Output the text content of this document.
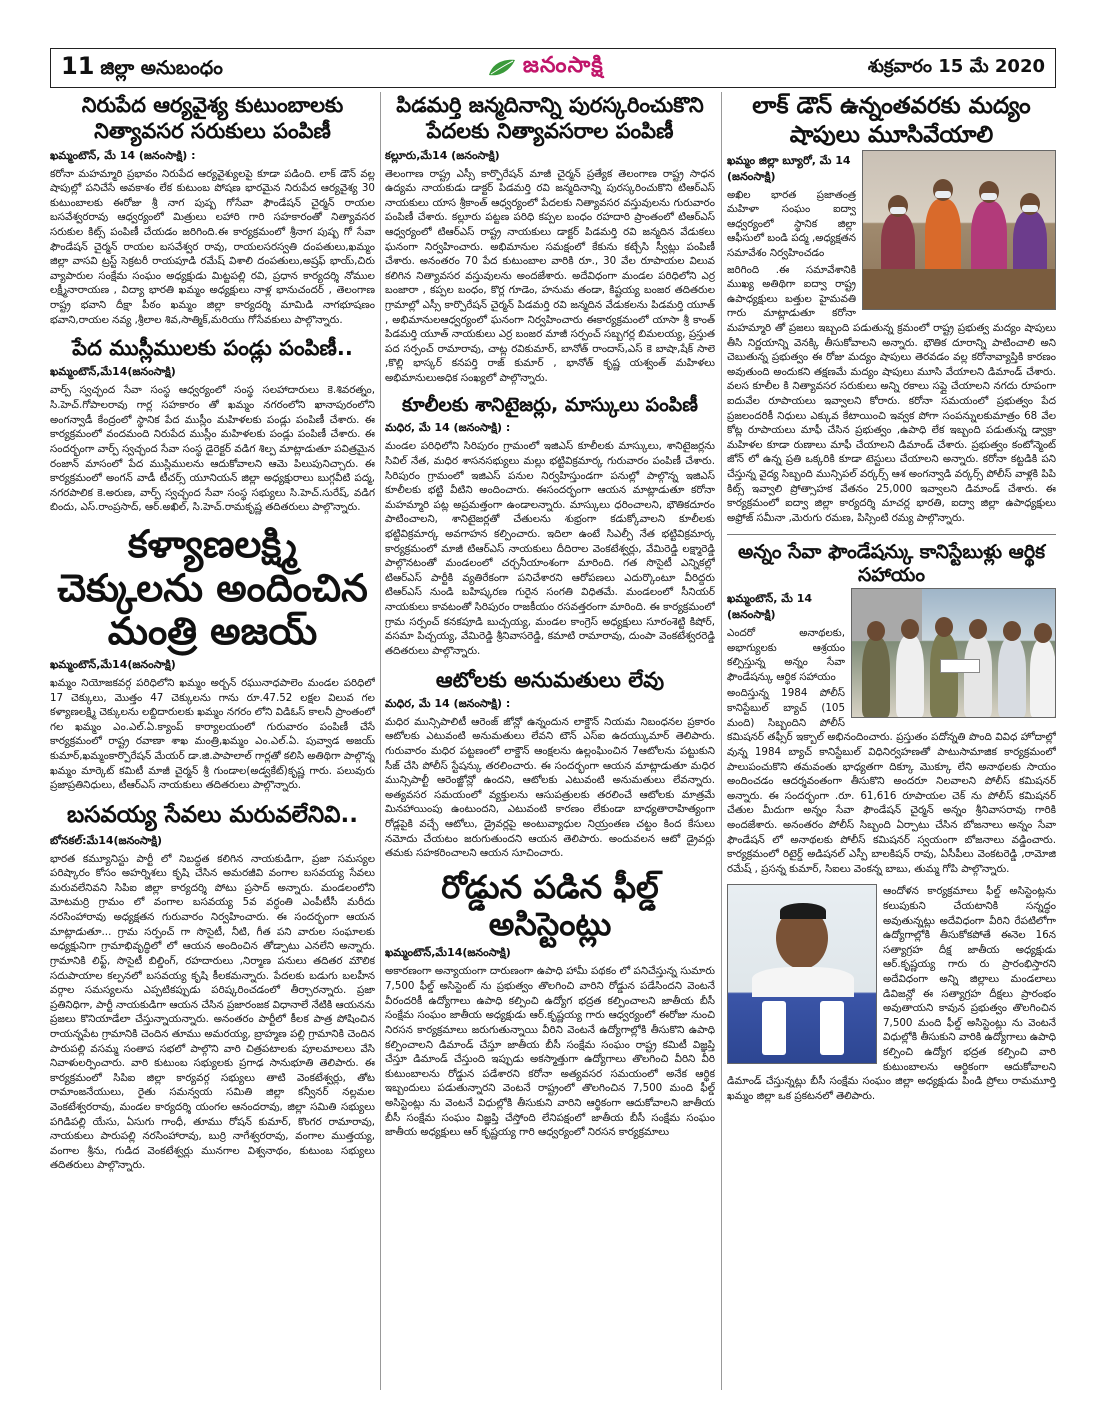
11 జిల్లా అనుబంధం	జనంసాక్షి	శుక్రవారం 15 మే 2020
నిరుపేద ఆర్యవైశ్య కుటుంబాలకు నిత్యావసర సరుకులు పంపిణీ
ఖమ్మంటౌన్, మే 14 (జనంసాక్షి) :
కరోనా మహమ్మారి ప్రభావం నిరుపేద ఆర్యవైశ్యులపై కూడా పడింది. లాక్ డౌన్ వల్ల షాపుల్లో పనిచేసే అవకాశం లేక కుటుంబ పోషణ భారమైన నిరుపేద ఆర్యవైశ్య 30 కుటుంబాలకు ఈరోజు శ్రీ నాగ పుష్ప గోసేవా ఫౌండేషన్ చైర్మన్ రాయల బసవేశ్వరరావు ఆధ్వర్యంలో మిత్రులు లహారి గారి సహకారంతో నిత్యావసర సరుకుల కిట్స్ పంపిణీ చేయడం జరిగింది.ఈ కార్యక్రమంలో శ్రీనాగ పుష్ప గో సేవా ఫౌండేషన్ చైర్మన్ రాయల బసవేశ్వర రావు, రాయలసరస్వతి దంపతులు,ఖమ్మం జిల్లా వాసవి ట్రస్ట్ సెక్రటరీ రాయపూడి రమేష్ విశాలి దంపతులు,అష్రఫ్ భాయ్,చిరు వ్యాపారుల సంక్షేమ సంఘం అధ్యక్షుడు మిట్టపల్లి రవి, ప్రధాన కార్యదర్శి నోముల లక్ష్మీనారాయణ , విద్యా భారతి ఖమ్మం అధ్యక్షులు నాళ్ల భానుచందర్ , తెలంగాణ రాష్ట్ర భవాని దీక్షా పీఠం ఖమ్మం జిల్లా కార్యదర్శి మామిడి నాగభూషణం భవాని,రాయల నవ్య ,శ్రీలాల శివ,సాత్మిక్,మరియు గోసేవకులు పాల్గొన్నారు.
పేద ముస్లీములకు పండ్లు పంపిణీ..
ఖమ్మంటౌన్,మే14(జనంసాక్షి)
వార్ప్ స్వచ్ఛంద సేవా సంస్థ ఆధ్వర్యంలో సంస్థ సలహాదారులు కె.శివరత్నం, సి.హెచ్.గోపాలరావు గార్ల సహకారం తో ఖమ్మం నగరంలోని ఖానాపురంలోని అంగన్వాడీ కేంద్రంలో స్థానిక పేద ముస్లీం మహిళలకు పండ్లు పంపిణీ చేశారు. ఈ కార్యక్రమంలో వందమంది నిరుపేద ముస్లీం మహిళలకు పండ్లు పంపిణీ చేశారు. ఈ సందర్భంగా వార్ప్ స్వచ్ఛంద సేవా సంస్థ డైరెక్టర్ వడిగ శిల్ప మాట్లాడుతూ పవిత్రమైన రంజాన్ మాసంలో పేద ముస్లిములను ఆదుకోవాలని ఆమె పిలుపునిచ్చారు. ఈ కార్యక్రమంలో అంగన్ వాడీ టీచర్స్ యూనియన్ జిల్లా అధ్యక్షురాలు బుగ్గవీటి పద్మ, నగరపాలిక కె.అరుణ, వార్ప్ స్వచ్ఛంద సేవా సంస్థ సభ్యులు సి.హెచ్.సురేష్, వడిగ బిందు, ఎస్.రాంప్రసాద్, ఆర్.అఖిల్, సి.హెచ్.రామకృష్ణ తదితరులు పాల్గొన్నారు.
కళ్యాణలక్ష్మి చెక్కులను అందించిన మంత్రి అజయ్
ఖమ్మంటౌన్,మే14(జనంసాక్షి)
ఖమ్మం నియోజకవర్గ పరిధిలోని ఖమ్మం అర్బన్ రఘునాధపాలెం మండల పరిధిలో 17 చెక్కులు, మొత్తం 47 చెక్కులను గాను రూ.47.52 లక్షల విలువ గల కళ్యాణలక్ష్మి చెక్కులను లబ్దిదారులకు ఖమ్మం నగరం లోని విడిఓస్ కాలనీ ప్రాంతంలో గల ఖమ్మం ఎం.ఎల్.ఏ.క్యాంప్ కార్యాలయంలో గురువారం పంపిణీ చేసే కార్యక్రమంలో రాష్ట్ర రవాణా శాఖ మంత్రి,ఖమ్మం ఎం.ఎల్.ఏ. పువ్వాడ అజయ్ కుమార్,ఖమ్మంకార్పొరేషన్ మేయర్ డా.జి.పాపాలాల్ గార్లతో కలిసి అతిథిగా పాల్గొన్న ఖమ్మం మార్కెట్ కమిటీ మాజీ చైర్మన్ శ్రీ గుండాల(అడ్వకేట్)కృష్ణ గారు. పలువురు ప్రజాప్రతినిధులు, టీఆర్ఎస్ నాయకులు తదితరులు పాల్గొన్నారు.
బసవయ్య సేవలు మరువలేనివి..
బోనకల్:మే14(జనంసాక్షి)
భారత కమ్యూనిస్టు పార్టీ లో నిబద్ధత కలిగిన నాయకుడిగా, ప్రజా సమస్యల పరిష్కారం కోసం అహర్నిశలు కృషి చేసిన అమరజీవి వంగాల బసవయ్య సేవలు మరువలేనివని సిపిఐ జిల్లా కార్యదర్శి పోటు ప్రసాద్ అన్నారు. మండలంలోని మోటమర్రి గ్రామం లో వంగాల బసవయ్య 5వ వర్ధంతి ఎంపీటీసీ మరీదు నరసింహారావు అధ్యక్షతన గురువారం నిర్వహించారు. ఈ సందర్భంగా ఆయన మాట్లాడుతూ... గ్రామ సర్పంచ్ గా సొసైటీ, నీటి, గీత పని వారుల సంఘాలకు అధ్యక్షునిగా గ్రామాభివృద్ధిలో లో ఆయన అందించిన తోడ్పాటు ఎనలేని అన్నారు. గ్రామానికి లిఫ్ట్, సొసైటీ బిల్డింగ్, రహదారులు ,నిర్మాణ పనులు తదితర మౌలిక సదుపాయాల కల్పనలో బసవయ్య కృషి కీలకమన్నారు. పేదలకు బడుగు బలహీన వర్గాల సమస్యలను ఎప్పటికప్పుడు పరిష్కరించడంలో తీర్చారన్నారు. ప్రజా ప్రతినిధిగా, పార్టీ నాయకుడిగా ఆయన చేసిన ప్రజారంజక విధానాలే నేటికి ఆయనను ప్రజలు కొనియాడేలా చేస్తున్నాయన్నారు. అనంతరం పార్టీలో కీలక పాత్ర పోషించిన రాయన్నపేట గ్రామానికి చెందిన తూము అమరయ్య, బ్రాహ్మణ పల్లి గ్రామానికి చెందిన పారుపల్లి వసమ్మ సంతాప సభలో పాల్గొని వారి చిత్రపటాలకు పూలమాలలు వేసి నివాళులర్పించారు. వారి కుటుంబ సభ్యులకు ప్రగాఢ సానుభూతి తెలిపారు. ఈ కార్యక్రమంలో సిపిఐ జిల్లా కార్యవర్గ సభ్యులు తాటి వెంకటేశ్వర్లు, తోట రామాంజనేయులు, రైతు సమన్వయ సమితి జిల్లా కన్వీనర్ నల్లమల వెంకటేశ్వరరావు, మండల కార్యదర్శి యంగల ఆనందరావు, జిల్లా సమితి సభ్యులు పగిడిపల్లి యేసు, ఏసుగు గాంధీ, తూము రోషన్ కుమార్, కొంగర రామారావు, నాయకులు పారుపల్లి నరసింహారావు, బుర్రి నాగేశ్వరరావు, వంగాల ముత్తయ్య, వంగాల శ్రీను, గుడిద వెంకటేశ్వర్లు మునగాల విశ్వనాథం, కుటుంబ సభ్యులు తదితరులు పాల్గొన్నారు.
పిడమర్తి జన్మదినాన్ని పురస్కరించుకొని పేదలకు నిత్యావసరాల పంపిణీ
కల్లూరు,మే14 (జనంసాక్షి)
తెలంగాణ రాష్ట్ర ఎస్సీ కార్పొరేషన్ మాజీ చైర్మన్ ప్రత్యేక తెలంగాణ రాష్ట్ర సాధన ఉద్యమ నాయకుడు డాక్టర్ పిడమర్తి రవి జన్మదినాన్ని పురస్కరించుకొని టిఆర్ఎస్ నాయకులు యాస శ్రీకాంత్ ఆధ్వర్యంలో పేదలకు నిత్యావసర వస్తువులను గురువారం పంపిణీ చేశారు. కల్లూరు పట్టణ పరిధి కప్పల బంధం రహదారి ప్రాంతంలో టిఆర్ఎస్ ఆధ్వర్యంలో టిఆర్ఎస్ రాష్ట్ర నాయకులు డాక్టర్ పిడమర్తి రవి జన్మదిన వేడుకలు ఘనంగా నిర్వహించారు. అభిమానుల సమక్షంలో కేకును కట్చేసి స్వీట్లు పంపిణీ చేశారు. అనంతరం 70 పేద కుటుంబాల వారికి రూ., 30 వేల రూపాయల విలువ కలిగిన నిత్యావసర వస్తువులను అందజేశారు. అదేవిధంగా మండల పరిధిలోని ఎర్ర బంజారా , కప్పల బంధం, కొర్ల గూడెం, హనుమ తండా, కిష్టయ్య బంజర తదితరుల గ్రామాల్లో ఎస్సీ కార్పొరేషన్ చైర్మన్ పిడమర్తి రవి జన్మదిన వేడుకలను పిడమర్తి యూత్ , అభిమానులఆధ్వర్యంలో ఘనంగా నిర్వహించారు ఈకార్యక్రమంలో యాసా శ్రీ కాంత్ పిడమర్తి యూత్ నాయకులు ఎర్ర బంజర మాజీ సర్పంచ్ సబ్బగర్ల బిమలయ్య, ప్రస్తుత పద సర్పంచ్ రామారావు, చాట్ల రవికుమార్, బానోత్ రాందాస్,ఎస్ కె బాషా,షేక్ సాలె ,కొల్లి భాస్కర్ కనపర్తి రాజ్ కుమార్ , భానోత్ కృష్ణ యశ్వంత్ మహిళలు అభిమానులుఅధిక సంఖ్యలో పాల్గొన్నారు.
కూలీలకు శానిటైజర్లు, మాస్కులు పంపిణీ
మధిర, మే 14 (జనంసాక్షి) :
మండల పరిధిలోని సిరిపురం గ్రామంలో ఇజిఎస్ కూలీలకు మాస్కులు, శానిటైజర్లను సివిల్ నేత, మధిర శాసనసభ్యులు మల్లు భట్టివిక్రమార్క గురువారం పంపిణీ చేశారు. సిరిపురం గ్రామంలో ఇజిఎస్ పనుల నిర్వహిస్తుండగా పనుల్లో పాల్గొన్న ఇజిఎస్ కూలీలకు భట్టి వీటిని అందించారు. ఈసందర్భంగా ఆయన మాట్లాడుతూ కరోనా మహమ్మారి పట్ల అప్రమత్తంగా ఉండాలన్నారు. మాస్కులు ధరించాలని, భౌతికదూరం పాటించాలని, శానిటైజర్లతో చేతులను శుభ్రంగా కడుక్కోవాలని కూలీలకు భట్టివిక్రమార్క అవగాహన కల్పించారు. ఇదిలా ఉంటే సిఎల్పీ నేత భట్టివిక్రమార్క కార్యక్రమంలో మాజీ టిఆర్ఎస్ నాయకులు దీదిరాల వెంకటేశ్వర్లు, వేమిరెడ్డి లక్ష్మారెడ్డి పాల్గొనటంతో మండలంలో చర్చనీయాంశంగా మారింది. గత సొసైటీ ఎన్నికల్లో టిఆర్ఎస్ పార్టీకి వ్యతిరేకంగా పనిచేశారని ఆరోపణలు ఎదుర్కొంటూ వీరిద్దరు టిఆర్ఎస్ నుండి బహిష్కరణ గురైన సంగతి విధితమే. మండలంలో సీనియర్ నాయకులు కావటంతో సిరిపురం రాజకీయం రసవత్తరంగా మారింది. ఈ కార్యక్రమంలో గ్రామ సర్పంచ్ కనకపూడి బుచ్చయ్య, మండల కాంగ్రెస్ అధ్యక్షులు సూరంశెట్టి కిషోర్, వసమా పిచ్చయ్య, వేమిరెడ్డి శ్రీనివాసరెడ్డి, కమాటి రామారావు, దుంపా వెంకటేశ్వరరెడ్డి తదితరులు పాల్గొన్నారు.
ఆటోలకు అనుమతులు లేవు
మధిర, మే 14 (జనంసాక్షి) :
మధిర మున్సిపాలిటీ ఆరెంజ్ జోన్లో ఉన్నందున లాక్డౌన్ నియమ నిబంధనల ప్రకారం ఆటోలకు ఎటువంటి అనుమతులు లేవని టౌన్ ఎస్ఐ ఉదయ్కుమార్ తెలిపారు. గురువారం మధిర పట్టణంలో లాక్డౌన్ ఆంక్షలను ఉల్లంఘించిన 7ఆటోలను పట్టుకుని సీజ్ చేసి పోలీస్ స్టేషన్కు తరలించారు. ఈ సందర్భంగా ఆయన మాట్లాడుతూ మధిర మున్సిపాల్టీ ఆరెంజ్జోన్లో ఉందని, ఆటోలకు ఎటువంటి అనుమతులు లేవన్నారు. అత్యవసర సమయంలో వ్యక్తులను ఆసుపత్రులకు తరలించే ఆటోలకు మాత్రమే మినహాయింపు ఉంటుందని, ఎటువంటి కారణం లేకుండా బాధ్యతారాహిత్యంగా రోడ్లపైకి వచ్చే ఆటోలు, డ్రైవర్లపై అంటువ్యాధుల నియ్రంతణ చట్టం కింద కేసులు నమోదు చేయటం జరుగుతుందని ఆయన తెలిపారు. అందువలన ఆటో డ్రైవర్లు తమకు సహకరించాలని ఆయన సూచించారు.
రోడ్డున పడిన ఫీల్డ్ అసిస్టెంట్లు
ఖమ్మంటౌన్,మే14(జనంసాక్షి)
అకారణంగా అన్యాయంగా దారుణంగా ఉపాధి హామీ పథకం లో పనిచేస్తున్న సుమారు 7,500 ఫీల్డ్ అసిస్టెంట్ ను ప్రభుత్వం తొలగించి వారిని రోడ్డున పడేసిందని వెంటనే వీరందరికీ ఉద్యోగాలు ఉపాధి కల్పించి ఉద్యోగ భద్రత కల్పించాలని జాతీయ బీసీ సంక్షేమ సంఘం జాతీయ అధ్యక్షుడు ఆర్.కృష్ణయ్య గారు ఆధ్వర్యంలో ఈరోజు నుంచి నిరసన కార్యక్రమాలు జరుగుతున్నాయి వీరిని వెంటనే ఉద్యోగాల్లోకి తీసుకొని ఉపాధి కల్పించాలని డిమాండ్ చేస్తూ జాతీయ బీసీ సంక్షేమ సంఘం రాష్ట్ర కమిటీ విజ్ఞప్తి చేస్తూ డిమాండ్ చేస్తుంది ఇప్పుడు అకస్మాత్తుగా ఉద్యోగాలు తొలగించి వీరిని వీరి కుటుంబాలను రోడ్డున పడేశారని కరోనా అత్యవసర సమయంలో అనేక ఆర్థిక ఇబ్బందులు పడుతున్నారని వెంటనే రాష్ట్రంలో తొలగించిన 7,500 మంది ఫీల్డ్ అసిస్టెంట్లు ను వెంటనే విధుల్లోకి తీసుకుని వారిని ఆర్థికంగా ఆదుకోవాలని జాతీయ బీసీ సంక్షేమ సంఘం విజ్ఞప్తి చేస్తోంది లేనిపక్షంలో జాతీయ బీసీ సంక్షేమ సంఘం జాతీయ అధ్యక్షులు ఆర్ కృష్ణయ్య గారి ఆధ్వర్యంలో నిరసన కార్యక్రమాలు
లాక్ డౌన్ ఉన్నంతవరకు మద్యం షాపులు మూసివేయాలి
ఖమ్మం జిల్లా బ్యూరో, మే 14 (జనంసాక్షి)
అఖిల భారత ప్రజాతంత్ర మహిళా సంఘం ఐద్వా ఆధ్వర్యంలో స్థానిక జిల్లా ఆఫీసులో బండి పద్మ ,అధ్యక్షతన సమావేశం నిర్వహించడం
జరిగింది .ఈ సమావేశానికి ముఖ్య అతిథిగా ఐద్వా రాష్ట్ర ఉపాధ్యక్షులు బత్తుల హైమవతి గారు మాట్లాడుతూ కరోనా మహమ్మారి తో ప్రజలు ఇబ్బంది పడుతున్న క్రమంలో రాష్ట్ర ప్రభుత్వ మద్యం షాపులు తీసి నిర్ణయాన్ని వెనక్కి తీసుకోవాలని అన్నారు. భౌతిక దూరాన్ని పాటించాలి అని చెబుతున్న ప్రభుత్వం ఈ రోజు మద్యం షాపులు తెరవడం వల్ల కరోనావ్యాప్తికి కారణం అవుతుంది అందుకని తక్షణమే మద్యం షాపులు మూసి వేయాలని డిమాండ్ చేశారు. వలస కూలీల కి నిత్యావసర సరుకులు అన్ని రకాలు సప్లై చేయాలని నగదు రూపంగా ఐదువేల రూపాయలు ఇవ్వాలని కోరారు. కరోనా సమయంలో ప్రభుత్వం పేద ప్రజలందరికీ నిధులు ఎక్కువ కేటాయించి ఇవ్వక పోగా సంపన్నులకుమాత్రం 68 వేల కోట్ల రూపాయలు మాఫీ చేసిన ప్రభుత్వం ,ఉపాధి లేక ఇబ్బంది పడుతున్న డ్వాక్రా మహిళల కూడా రుణాలు మాఫీ చేయాలని డిమాండ్ చేశారు. ప్రభుత్వం కంటోన్మెంట్ జోన్ లో ఉన్న ప్రతి ఒక్కరికి కూడా టెస్టులు చేయాలని అన్నారు. కరోనా కట్టడికి పని చేస్తున్న వైద్య సిబ్బంది మున్సిపల్ వర్కర్స్ ఆశ అంగన్వాడి వర్కర్స్ పోలీస్ వాళ్లకి పిపి కిట్స్ ఇవ్వాలి ప్రోత్సాహక వేతనం 25,000 ఇవ్వాలని డిమాండ్ చేశారు. ఈ కార్యక్రమంలో ఐద్వా జిల్లా కార్యదర్శి మాచర్ల భారతి, ఐద్వా జిల్లా ఉపాధ్యక్షులు అఫ్రోజ్ సమీనా ,మెరుగు రమణ, పిస్సింటి రమ్య పాల్గొన్నారు.
అన్నం సేవా ఫౌండేషన్కు కానిస్టేబుళ్లు ఆర్థిక సహాయం
ఖమ్మంటౌన్, మే 14 (జనంసాక్షి)
ఎందరో అనాథలకు, అభాగ్యులకు ఆశ్రయం కల్పిస్తున్న అన్నం సేవా ఫౌండేషన్కు ఆర్థిక సహాయం
అందిస్తున్న 1984 పోలీస్ కానిస్టేబుల్ బ్యాచ్ (105 మంది) సిబ్బందిని పోలీస్ కమిషనర్ తఫ్సీర్ ఇక్బాల్ అభినందించారు. ప్రస్తుతం పదోన్నతి పొంది వివిధ హోదాల్లో వున్న 1984 బ్యాచ్ కానిస్టేబుల్ విధినిర్వహణతో పాటుసామాజిక కార్యక్రమంలో పాలుపంచుకొని తమవంతు భాధ్యతగా దిక్కూ మొక్కూ లేని అనాథలకు సాయం అందించడం ఆదర్శవంతంగా తీసుకొని అందరూ నిలవాలని పోలీస్ కమిషనర్ అన్నారు. ఈ సందర్భంగా .రూ. 61,616 రూపాయల చెక్ ను పోలీస్ కమిషనర్ చేతుల మీదుగా అన్నం సేవా ఫౌండేషన్ చైర్మన్ అన్నం శ్రీనివాసరావు గారికి అందజేశారు. అనంతరం పోలీస్ సిబ్బంది ఏర్పాటు చేసిన బోజనాలు అన్నం సేవా ఫౌండేషన్ లో అనాథలకు పోలీస్ కమిషనర్ స్వయంగా బోజనాలు వడ్డించారు. కార్యక్రమంలో రిటైర్డ్ అడిషనల్ ఎస్పీ బాలకిషన్ రావు, ఏసీపీలు వెంకటరెడ్డి ,రామోజి రమేష్ , ప్రసన్న కుమార్, సిఐలు వెంకన్న బాబు, తుమ్మ గోపి పాల్గొన్నారు.
ఆందోళన కార్యక్రమాలు ఫీల్డ్ అసిస్టెంట్లను కలుపుకుని చేయటానికి సన్నద్ధం అవుతున్నట్లు అదేవిధంగా వీరిని రేపటిలోగా ఉద్యోగాల్లోకి తీసుకోకపోతే ఈనెల 16న సత్యాగ్రహ దీక్ష జాతీయ అధ్యక్షుడు ఆర్.కృష్ణయ్య గారు రు ప్రారంభిస్తారని అదేవిధంగా అన్ని జిల్లాలు మండలాలు డివిజన్లో ఈ సత్యాగ్రహ దీక్షలు ప్రారంభం అవుతాయని కావున ప్రభుత్వం తొలగించిన 7,500 మంది ఫీల్డ్ అసిస్టెంట్లు ను వెంటనే విధుల్లోకి తీసుకుని వారికి ఉద్యోగాలు ఉపాధి కల్పించి ఉద్యోగ భద్రత కల్పించి వారి కుటుంబాలను ఆర్థికంగా ఆదుకోవాలని డిమాండ్ చేస్తున్నట్లు బీసీ సంక్షేమ సంఘం జిల్లా అధ్యక్షుడు పిండి ప్రోలు రామమూర్తి ఖమ్మం జిల్లా ఒక ప్రకటనలో తెలిపారు.
